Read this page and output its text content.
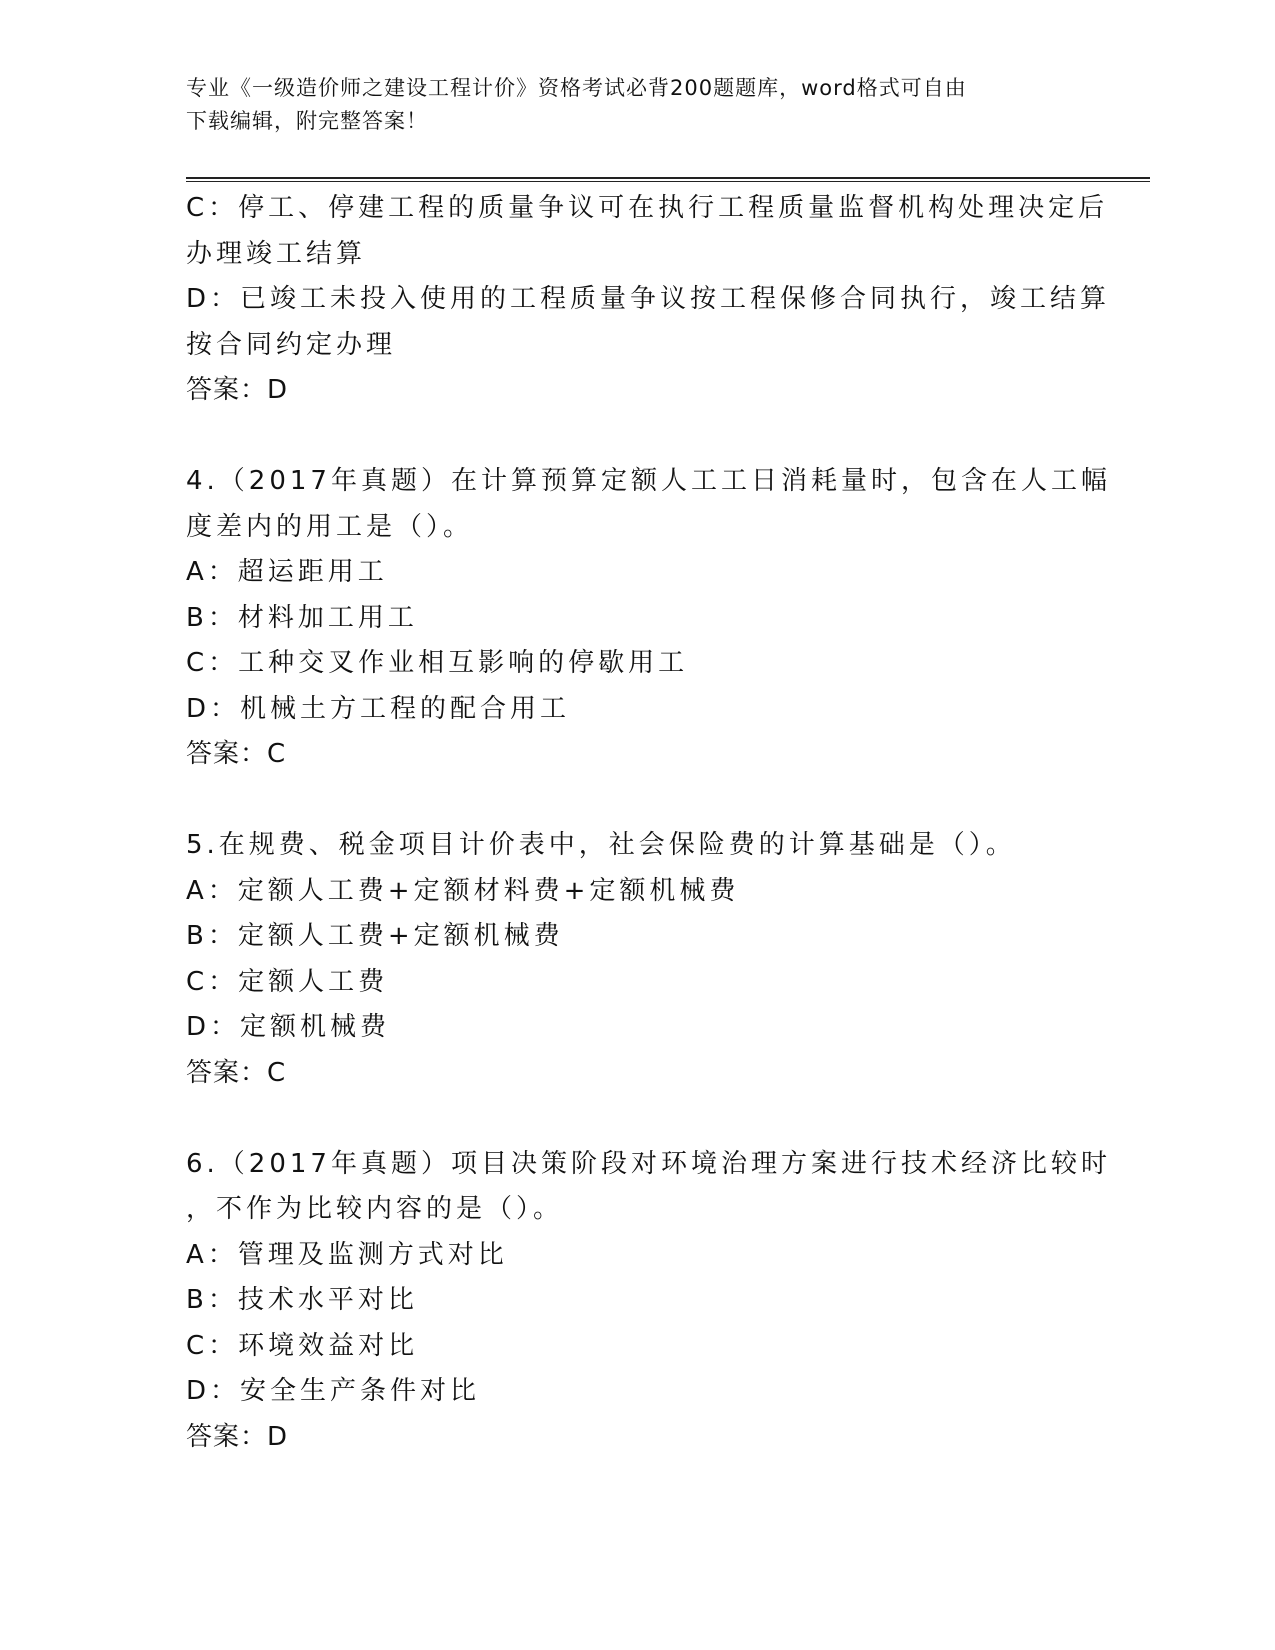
专业《一级造价师之建设工程计价》资格考试必背200题题库，word格式可自由
下载编辑，附完整答案！
C：停工、停建工程的质量争议可在执行工程质量监督机构处理决定后
办理竣工结算
D：已竣工未投入使用的工程质量争议按工程保修合同执行，竣工结算
按合同约定办理
答案：D
4.（2017年真题）在计算预算定额人工工日消耗量时，包含在人工幅
度差内的用工是（）。
A：超运距用工
B：材料加工用工
C：工种交叉作业相互影响的停歇用工
D：机械土方工程的配合用工
答案：C
5.在规费、税金项目计价表中，社会保险费的计算基础是（）。
A：定额人工费+定额材料费+定额机械费
B：定额人工费+定额机械费
C：定额人工费
D：定额机械费
答案：C
6.（2017年真题）项目决策阶段对环境治理方案进行技术经济比较时
，不作为比较内容的是（）。
A：管理及监测方式对比
B：技术水平对比
C：环境效益对比
D：安全生产条件对比
答案：D
